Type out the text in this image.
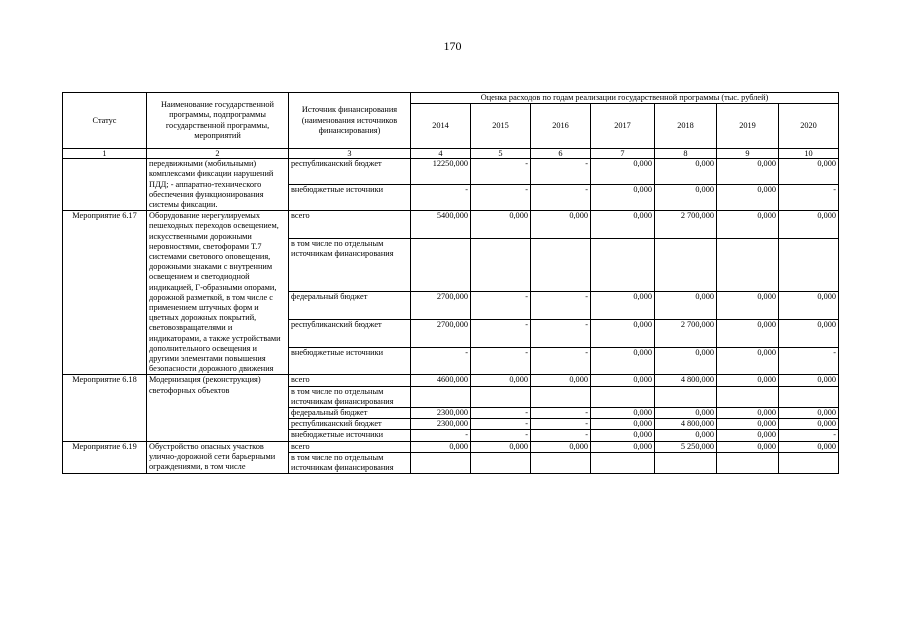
170
Статус	Наименование государственной программы, подпрограммы государственной программы, мероприятий	Источник финансирования (наименования источников финансирования)	Оценка расходов по годам реализации государственной программы (тыс. рублей)						
			2014	2015	2016	2017	2018	2019	2020
1	2	3	4	5	6	7	8	9	10
	передвижными (мобильными) комплексами фиксации нарушений ПДД; - аппаратно-технического обеспечения функционирования системы фиксации.	республиканский бюджет	12250,000	-	-	0,000	0,000	0,000	0,000
		внебюджетные источники	-	-	-	0,000	0,000	0,000	-
Мероприятие 6.17	Оборудование нерегулируемых пешеходных переходов освещением, искусственными дорожными неровностями, светофорами Т.7 системами светового оповещения, дорожными знаками с внутренним освещением и светодиодной индикацией, Г-образными опорами, дорожной разметкой, в том числе с применением штучных форм и цветных дорожных покрытий, световозвращателями и индикаторами, а также устройствами дополнительного освещения и другими элементами повышения безопасности дорожного движения	всего	5400,000	0,000	0,000	0,000	2 700,000	0,000	0,000
		в том числе по отдельным источникам финансирования							
		федеральный бюджет	2700,000	-	-	0,000	0,000	0,000	0,000
		республиканский бюджет	2700,000	-	-	0,000	2 700,000	0,000	0,000
		внебюджетные источники	-	-	-	0,000	0,000	0,000	-
Мероприятие 6.18	Модернизация (реконструкция) светофорных объектов	всего	4600,000	0,000	0,000	0,000	4 800,000	0,000	0,000
		в том числе по отдельным источникам финансирования							
		федеральный бюджет	2300,000	-	-	0,000	0,000	0,000	0,000
		республиканский бюджет	2300,000	-	-	0,000	4 800,000	0,000	0,000
		внебюджетные источники	-	-	-	0,000	0,000	0,000	-
Мероприятие 6.19	Обустройство опасных участков улично-дорожной сети барьерными ограждениями, в том числе	всего	0,000	0,000	0,000	0,000	5 250,000	0,000	0,000
		в том числе по отдельным источникам финансирования							
